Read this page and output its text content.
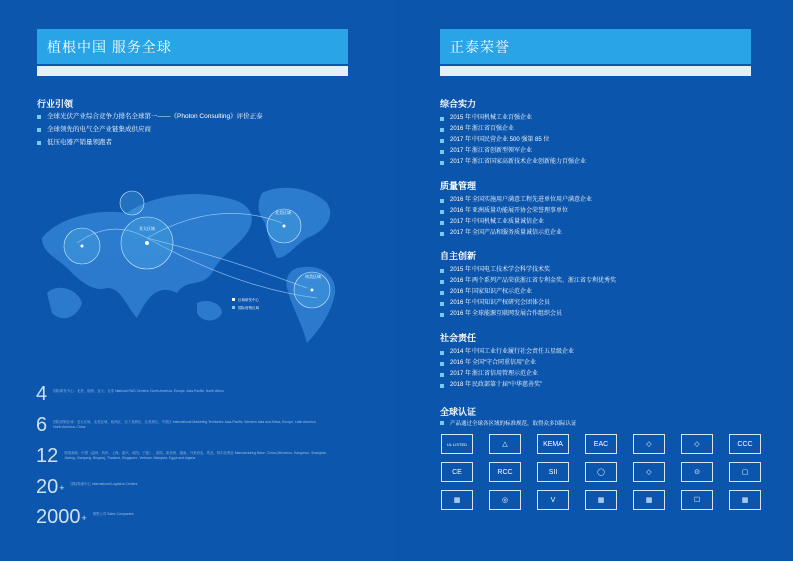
植根中国 服务全球
行业引领
全球光伏产业综合竞争力排名全球第一——《Photon Consulting》评价正泰
全球领先的电气全产业链集成供应商
低压电器产销量领跑者
亚太区域
北美区域
南美区域
区域研发中心
国际营销区域
4 国际研发中心：北美、欧洲、亚太、北非 National R&D Centers: North America, Europe, Asia-Pacific, North Africa
6 国际营销区域：亚太区域、北美区域、欧洲区、拉丁美洲区、北美洲区、中国区 International Marketing Territories: Asia-Pacific, Western Asia and Africa, Europe, Latin America, North America, China
12 制造基地：中国（温州、杭州、上海、嘉兴、咸阳、宁夏）、泰国、新加坡、越南、马来西亚、埃及、阿尔及利亚 Manufacturing Base: China (Wenzhou, Hangzhou, Shanghai, Jiaxing, Xianyang, Ningxia), Thailand, Singapore, Vietnam, Malaysia, Egypt and Algeria
20 + 国际物流中心 International Logistics Centers
2000 + 销售公司 Sales Companies
正泰荣誉
综合实力
2015 年 中国机械工业百强企业
2016 年 浙江省百强企业
2017 年 中国民营企业 500 强第 85 位
2017 年 浙江省创新型领军企业
2017 年 浙江省国家高新技术企业创新能力百强企业
质量管理
2016 年 全国实施用户满意工程先进单位用户满意企业
2016 年 亚洲质量功能展开协会荣誉理事单位
2017 年 中国机械工业质量诚信企业
2017 年 全国产品和服务质量诚信示范企业
自主创新
2015 年 中国电工技术学会科学技术奖
2016 年 两个系列产品荣获浙江省专利金奖、浙江省专利优秀奖
2016 年 国家知识产权示范企业
2016 年 中国知识产权研究会团体会员
2016 年 全球能源互联网发展合作组织会员
社会责任
2014 年 中国工业行业履行社会责任五星级企业
2016 年 全国“守合同重信用”企业
2017 年 浙江省信用管理示范企业
2018 年 民政部第十届“中华慈善奖”
全球认证
产品通过全球各区域的标准规范，取得众多国际认证
UL LISTED	△	KEMA	EAC	◇	◇	CCC
CE	RCC	SII	◯	◇	⊙	▢
▦	◎	V	▦	▦	☐	▦
